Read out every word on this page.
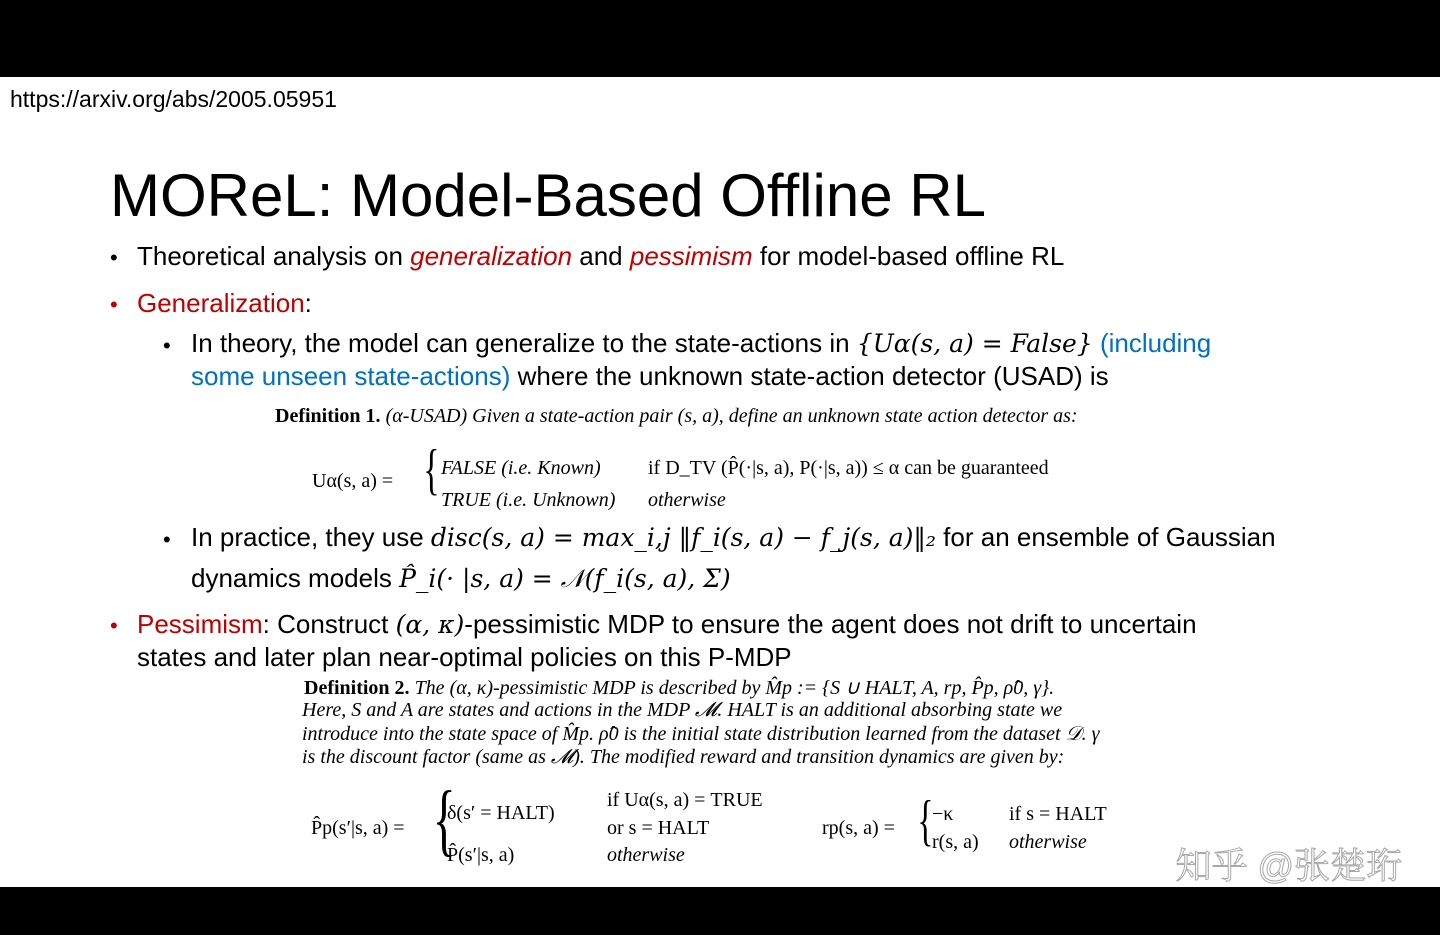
https://arxiv.org/abs/2005.05951
MOReL: Model-Based Offline RL
• Theoretical analysis on generalization and pessimism for model-based offline RL
• Generalization:
• In theory, the model can generalize to the state-actions in {Uα(s, a) = False} (including
some unseen state-actions) where the unknown state-action detector (USAD) is
Definition 1. (α-USAD) Given a state-action pair (s, a), define an unknown state action detector as:
Uα(s, a) = { FALSE (i.e. Known) if D_TV (P̂(·|s, a), P(·|s, a)) ≤ α can be guaranteed
TRUE (i.e. Unknown) otherwise
• In practice, they use disc(s, a) = max_i,j ‖f_i(s, a) − f_j(s, a)‖₂ for an ensemble of Gaussian
dynamics models P̂_i(· |s, a) = 𝒩(f_i(s, a), Σ)
• Pessimism: Construct (α, κ)-pessimistic MDP to ensure the agent does not drift to uncertain
states and later plan near-optimal policies on this P-MDP
Definition 2. The (α, κ)-pessimistic MDP is described by M̂p := {S ∪ HALT, A, rp, P̂p, ρ̂0, γ}.
Here, S and A are states and actions in the MDP 𝓜. HALT is an additional absorbing state we
introduce into the state space of M̂p. ρ̂0 is the initial state distribution learned from the dataset 𝒟. γ
is the discount factor (same as 𝓜). The modified reward and transition dynamics are given by:
P̂p(s′|s, a) = {
δ(s′ = HALT)
if Uα(s, a) = TRUE
or s = HALT
P̂(s′|s, a)	otherwise
rp(s, a) = {
−κ	if s = HALT
r(s, a) otherwise
知乎 @张楚珩
